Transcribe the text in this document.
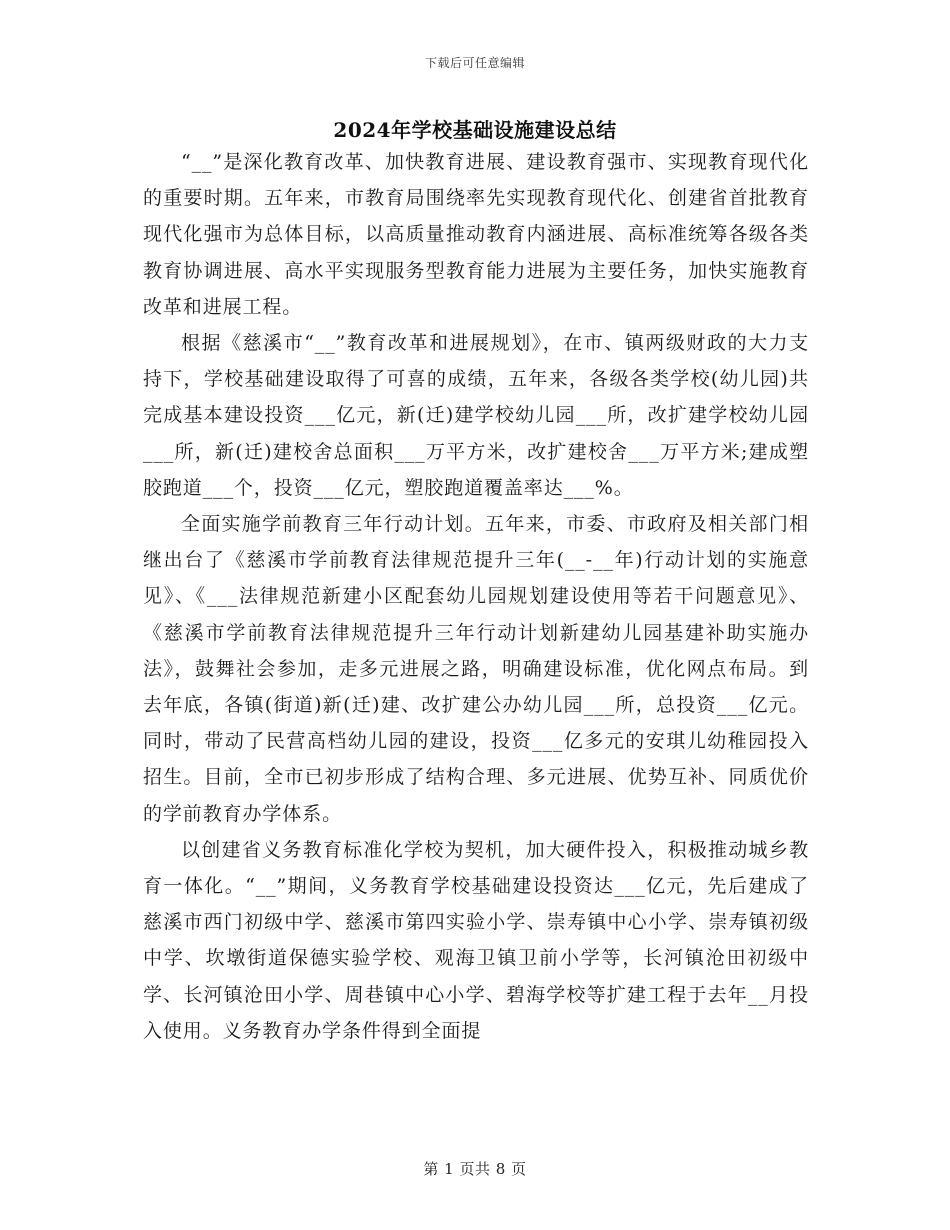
下载后可任意编辑
2024年学校基础设施建设总结

“__”是深化教育改革、加快教育进展、建设教育强市、实现教育现代化的重要时期。五年来，市教育局围绕率先实现教育现代化、创建省首批教育现代化强市为总体目标，以高质量推动教育内涵进展、高标准统筹各级各类教育协调进展、高水平实现服务型教育能力进展为主要任务，加快实施教育改革和进展工程。

根据《慈溪市“__”教育改革和进展规划》，在市、镇两级财政的大力支持下，学校基础建设取得了可喜的成绩，五年来，各级各类学校(幼儿园)共完成基本建设投资___亿元，新(迁)建学校幼儿园___所，改扩建学校幼儿园___所，新(迁)建校舍总面积___万平方米，改扩建校舍___万平方米;建成塑胶跑道___个，投资___亿元，塑胶跑道覆盖率达___%。

全面实施学前教育三年行动计划。五年来，市委、市政府及相关部门相继出台了《慈溪市学前教育法律规范提升三年(__-__年)行动计划的实施意见》、《___法律规范新建小区配套幼儿园规划建设使用等若干问题意见》、《慈溪市学前教育法律规范提升三年行动计划新建幼儿园基建补助实施办法》，鼓舞社会参加，走多元进展之路，明确建设标准，优化网点布局。到去年底，各镇(街道)新(迁)建、改扩建公办幼儿园___所，总投资___亿元。同时，带动了民营高档幼儿园的建设，投资___亿多元的安琪儿幼稚园投入招生。目前，全市已初步形成了结构合理、多元进展、优势互补、同质优价的学前教育办学体系。

以创建省义务教育标准化学校为契机，加大硬件投入，积极推动城乡教育一体化。“__”期间，义务教育学校基础建设投资达___亿元，先后建成了慈溪市西门初级中学、慈溪市第四实验小学、崇寿镇中心小学、崇寿镇初级中学、坎墩街道保德实验学校、观海卫镇卫前小学等，长河镇沧田初级中学、长河镇沧田小学、周巷镇中心小学、碧海学校等扩建工程于去年__月投入使用。义务教育办学条件得到全面提

第 1 页共 8 页
